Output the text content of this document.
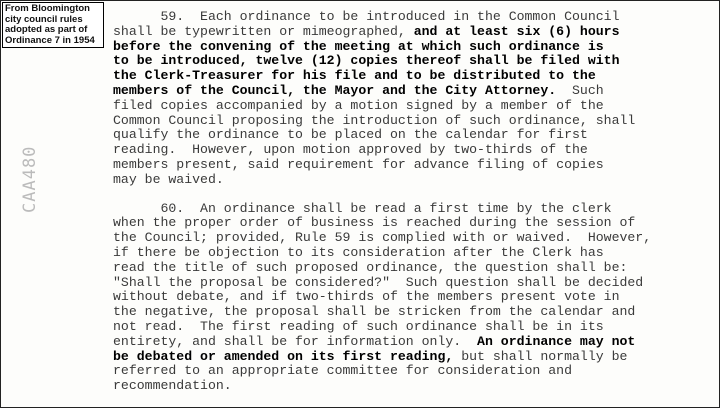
From Bloomington city council rules adopted as part of Ordinance 7 in 1954
CAA480
59.  Each ordinance to be introduced in the Common Council
shall be typewritten or mimeographed, and at least six (6) hours
before the convening of the meeting at which such ordinance is
to be introduced, twelve (12) copies thereof shall be filed with
the Clerk-Treasurer for his file and to be distributed to the
members of the Council, the Mayor and the City Attorney.  Such
filed copies accompanied by a motion signed by a member of the
Common Council proposing the introduction of such ordinance, shall
qualify the ordinance to be placed on the calendar for first
reading.  However, upon motion approved by two-thirds of the
members present, said requirement for advance filing of copies
may be waived.
60.  An ordinance shall be read a first time by the clerk
when the proper order of business is reached during the session of
the Council; provided, Rule 59 is complied with or waived.  However,
if there be objection to its consideration after the Clerk has
read the title of such proposed ordinance, the question shall be:
"Shall the proposal be considered?"  Such question shall be decided
without debate, and if two-thirds of the members present vote in
the negative, the proposal shall be stricken from the calendar and
not read.  The first reading of such ordinance shall be in its
entirety, and shall be for information only.  An ordinance may not
be debated or amended on its first reading, but shall normally be
referred to an appropriate committee for consideration and
recommendation.
